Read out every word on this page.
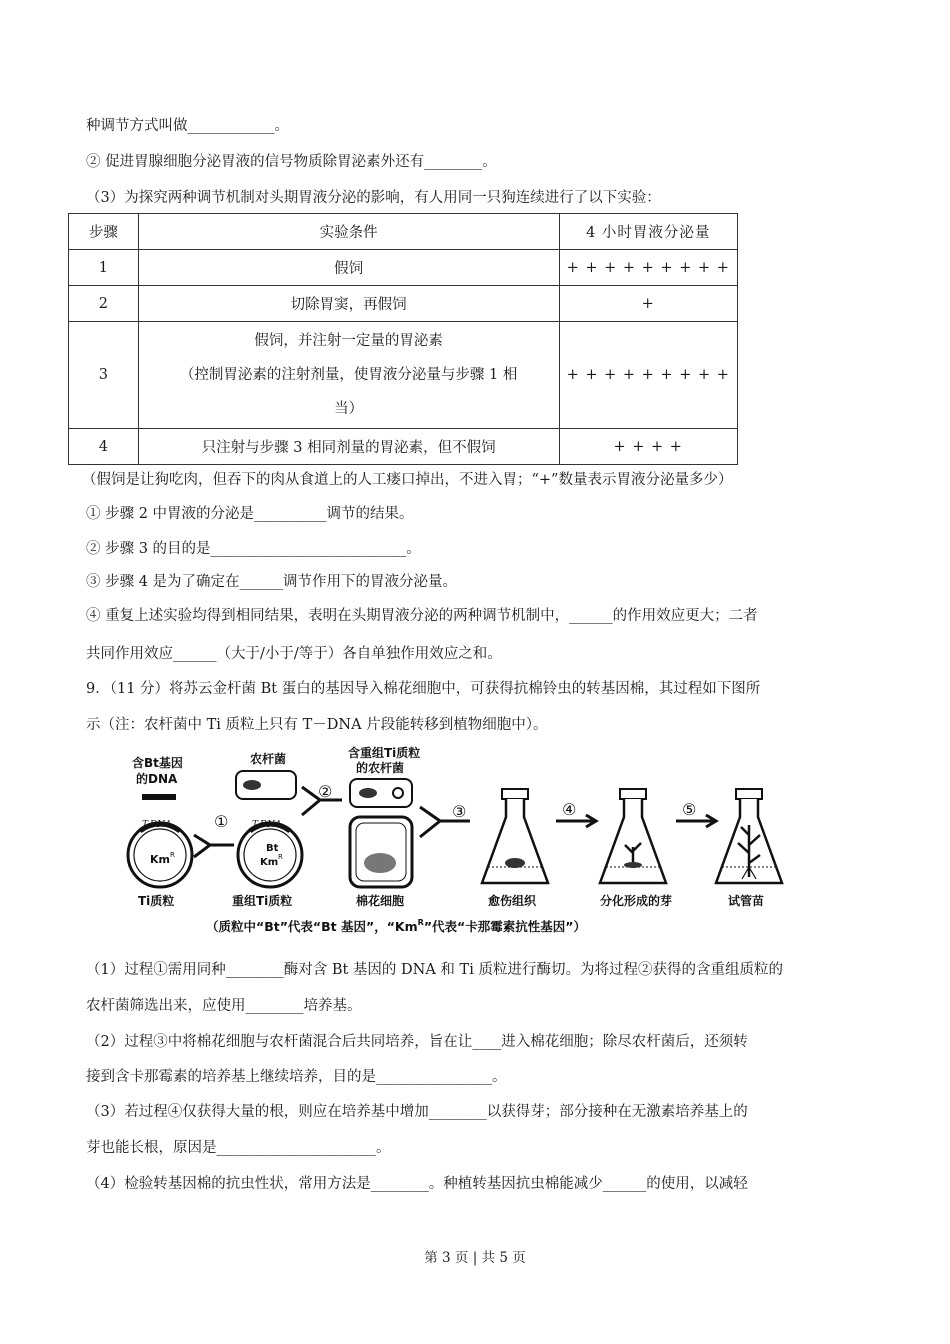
种调节方式叫做____________。
② 促进胃腺细胞分泌胃液的信号物质除胃泌素外还有________。
（3）为探究两种调节机制对头期胃液分泌的影响，有人用同一只狗连续进行了以下实验：
步骤	实验条件	4 小时胃液分泌量
1	假饲	+ + + + + + + + +
2	切除胃窦，再假饲	+
3	假饲，并注射一定量的胃泌素
（控制胃泌素的注射剂量，使胃液分泌量与步骤 1 相
当）	+ + + + + + + + +
4	只注射与步骤 3 相同剂量的胃泌素，但不假饲	+ + + +
（假饲是让狗吃肉，但吞下的肉从食道上的人工瘘口掉出，不进入胃；“+”数量表示胃液分泌量多少）
① 步骤 2 中胃液的分泌是__________调节的结果。
② 步骤 3 的目的是___________________________。
③ 步骤 4 是为了确定在______调节作用下的胃液分泌量。
④ 重复上述实验均得到相同结果，表明在头期胃液分泌的两种调节机制中，______的作用效应更大；二者
共同作用效应______（大于/小于/等于）各自单独作用效应之和。
9．（11 分）将苏云金杆菌 Bt 蛋白的基因导入棉花细胞中，可获得抗棉铃虫的转基因棉，其过程如下图所
示（注：农杆菌中 Ti 质粒上只有 T－DNA 片段能转移到植物细胞中）。
含Bt基因
的DNA
T-DNA
Km R
Ti质粒
①
农杆菌
T-DNA
Bt
Km R
重组Ti质粒
②
含重组Ti质粒
的农杆菌
棉花细胞
③
愈伤组织
④
分化形成的芽
⑤
试管苗
（质粒中“Bt”代表“Bt 基因”，“$Km^R$”代表“卡那霉素抗性基因”）
（1）过程①需用同种________酶对含 Bt 基因的 DNA 和 Ti 质粒进行酶切。为将过程②获得的含重组质粒的
农杆菌筛选出来，应使用________培养基。
（2）过程③中将棉花细胞与农杆菌混合后共同培养，旨在让____进入棉花细胞；除尽农杆菌后，还须转
接到含卡那霉素的培养基上继续培养，目的是________________。
（3）若过程④仅获得大量的根，则应在培养基中增加________以获得芽；部分接种在无激素培养基上的
芽也能长根，原因是______________________。
（4）检验转基因棉的抗虫性状，常用方法是________。种植转基因抗虫棉能减少______的使用，以减轻
第 3 页 | 共 5 页
